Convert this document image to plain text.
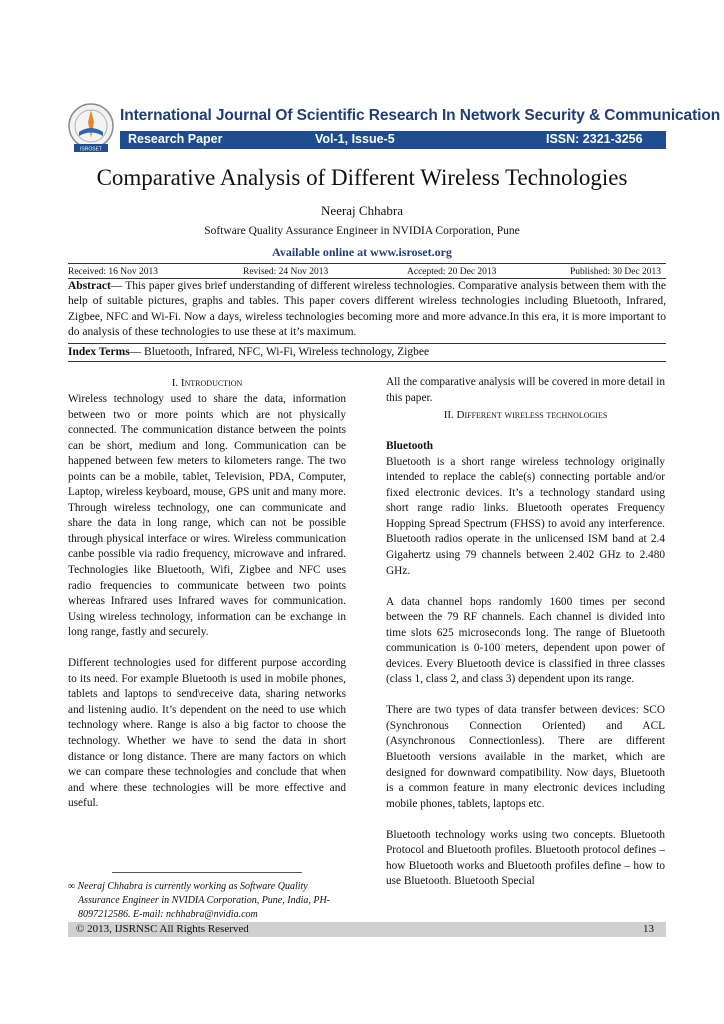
ISROSET
International Journal Of Scientific Research In Network Security & Communication
Research Paper	Vol-1, Issue-5	ISSN: 2321-3256
Comparative Analysis of Different Wireless Technologies
Neeraj Chhabra
Software Quality Assurance Engineer in NVIDIA Corporation, Pune
Available online at www.isroset.org
Received: 16 Nov 2013	Revised: 24 Nov 2013	Accepted: 20 Dec 2013	Published: 30 Dec 2013
Abstract— This paper gives brief understanding of different wireless technologies. Comparative analysis between them with the help of suitable pictures, graphs and tables. This paper covers different wireless technologies including Bluetooth, Infrared, Zigbee, NFC and Wi-Fi. Now a days, wireless technologies becoming more and more advance.In this era, it is more important to do analysis of these technologies to use these at it’s maximum.
Index Terms— Bluetooth, Infrared, NFC, Wi-Fi, Wireless technology, Zigbee

I. Introduction

Wireless technology used to share the data, information between two or more points which are not physically connected. The communication distance between the points can be short, medium and long. Communication can be happened between few meters to kilometers range. The two points can be a mobile, tablet, Television, PDA, Computer, Laptop, wireless keyboard, mouse, GPS unit and many more. Through wireless technology, one can communicate and share the data in long range, which can not be possible through physical interface or wires. Wireless communication canbe possible via radio frequency, microwave and infrared. Technologies like Bluetooth, Wifi, Zigbee and NFC uses radio frequencies to communicate between two points whereas Infrared uses Infrared waves for communication. Using wireless technology, information can be exchange in long range, fastly and securely.

Different technologies used for different purpose according to its need. For example Bluetooth is used in mobile phones, tablets and laptops to send\receive data, sharing networks and listening audio. It’s dependent on the need to use which technology where. Range is also a big factor to choose the technology. Whether we have to send the data in short distance or long distance. There are many factors on which we can compare these technologies and conclude that when and where these technologies will be more effective and useful.

All the comparative analysis will be covered in more detail in this paper.

II. Different wireless technologies

Bluetooth

Bluetooth is a short range wireless technology originally intended to replace the cable(s) connecting portable and/or fixed electronic devices. It’s a technology standard using short range radio links. Bluetooth operates Frequency Hopping Spread Spectrum (FHSS) to avoid any interference. Bluetooth radios operate in the unlicensed ISM band at 2.4 Gigahertz using 79 channels between 2.402 GHz to 2.480 GHz.

A data channel hops randomly 1600 times per second between the 79 RF channels. Each channel is divided into time slots 625 microseconds long. The range of Bluetooth communication is 0-100 meters, dependent upon power of devices. Every Bluetooth device is classified in three classes (class 1, class 2, and class 3) dependent upon its range.

There are two types of data transfer between devices: SCO (Synchronous Connection Oriented) and ACL (Asynchronous Connectionless). There are different Bluetooth versions available in the market, which are designed for downward compatibility. Now days, Bluetooth is a common feature in many electronic devices including mobile phones, tablets, laptops etc.

Bluetooth technology works using two concepts. Bluetooth Protocol and Bluetooth profiles. Bluetooth protocol defines – how Bluetooth works and Bluetooth profiles define – how to use Bluetooth. Bluetooth Special

∞ Neeraj Chhabra is currently working as Software Quality
Assurance Engineer in NVIDIA Corporation, Pune, India, PH-
8097212586. E-mail: nchhabra@nvidia.com
© 2013, IJSRNSC All Rights Reserved	13
